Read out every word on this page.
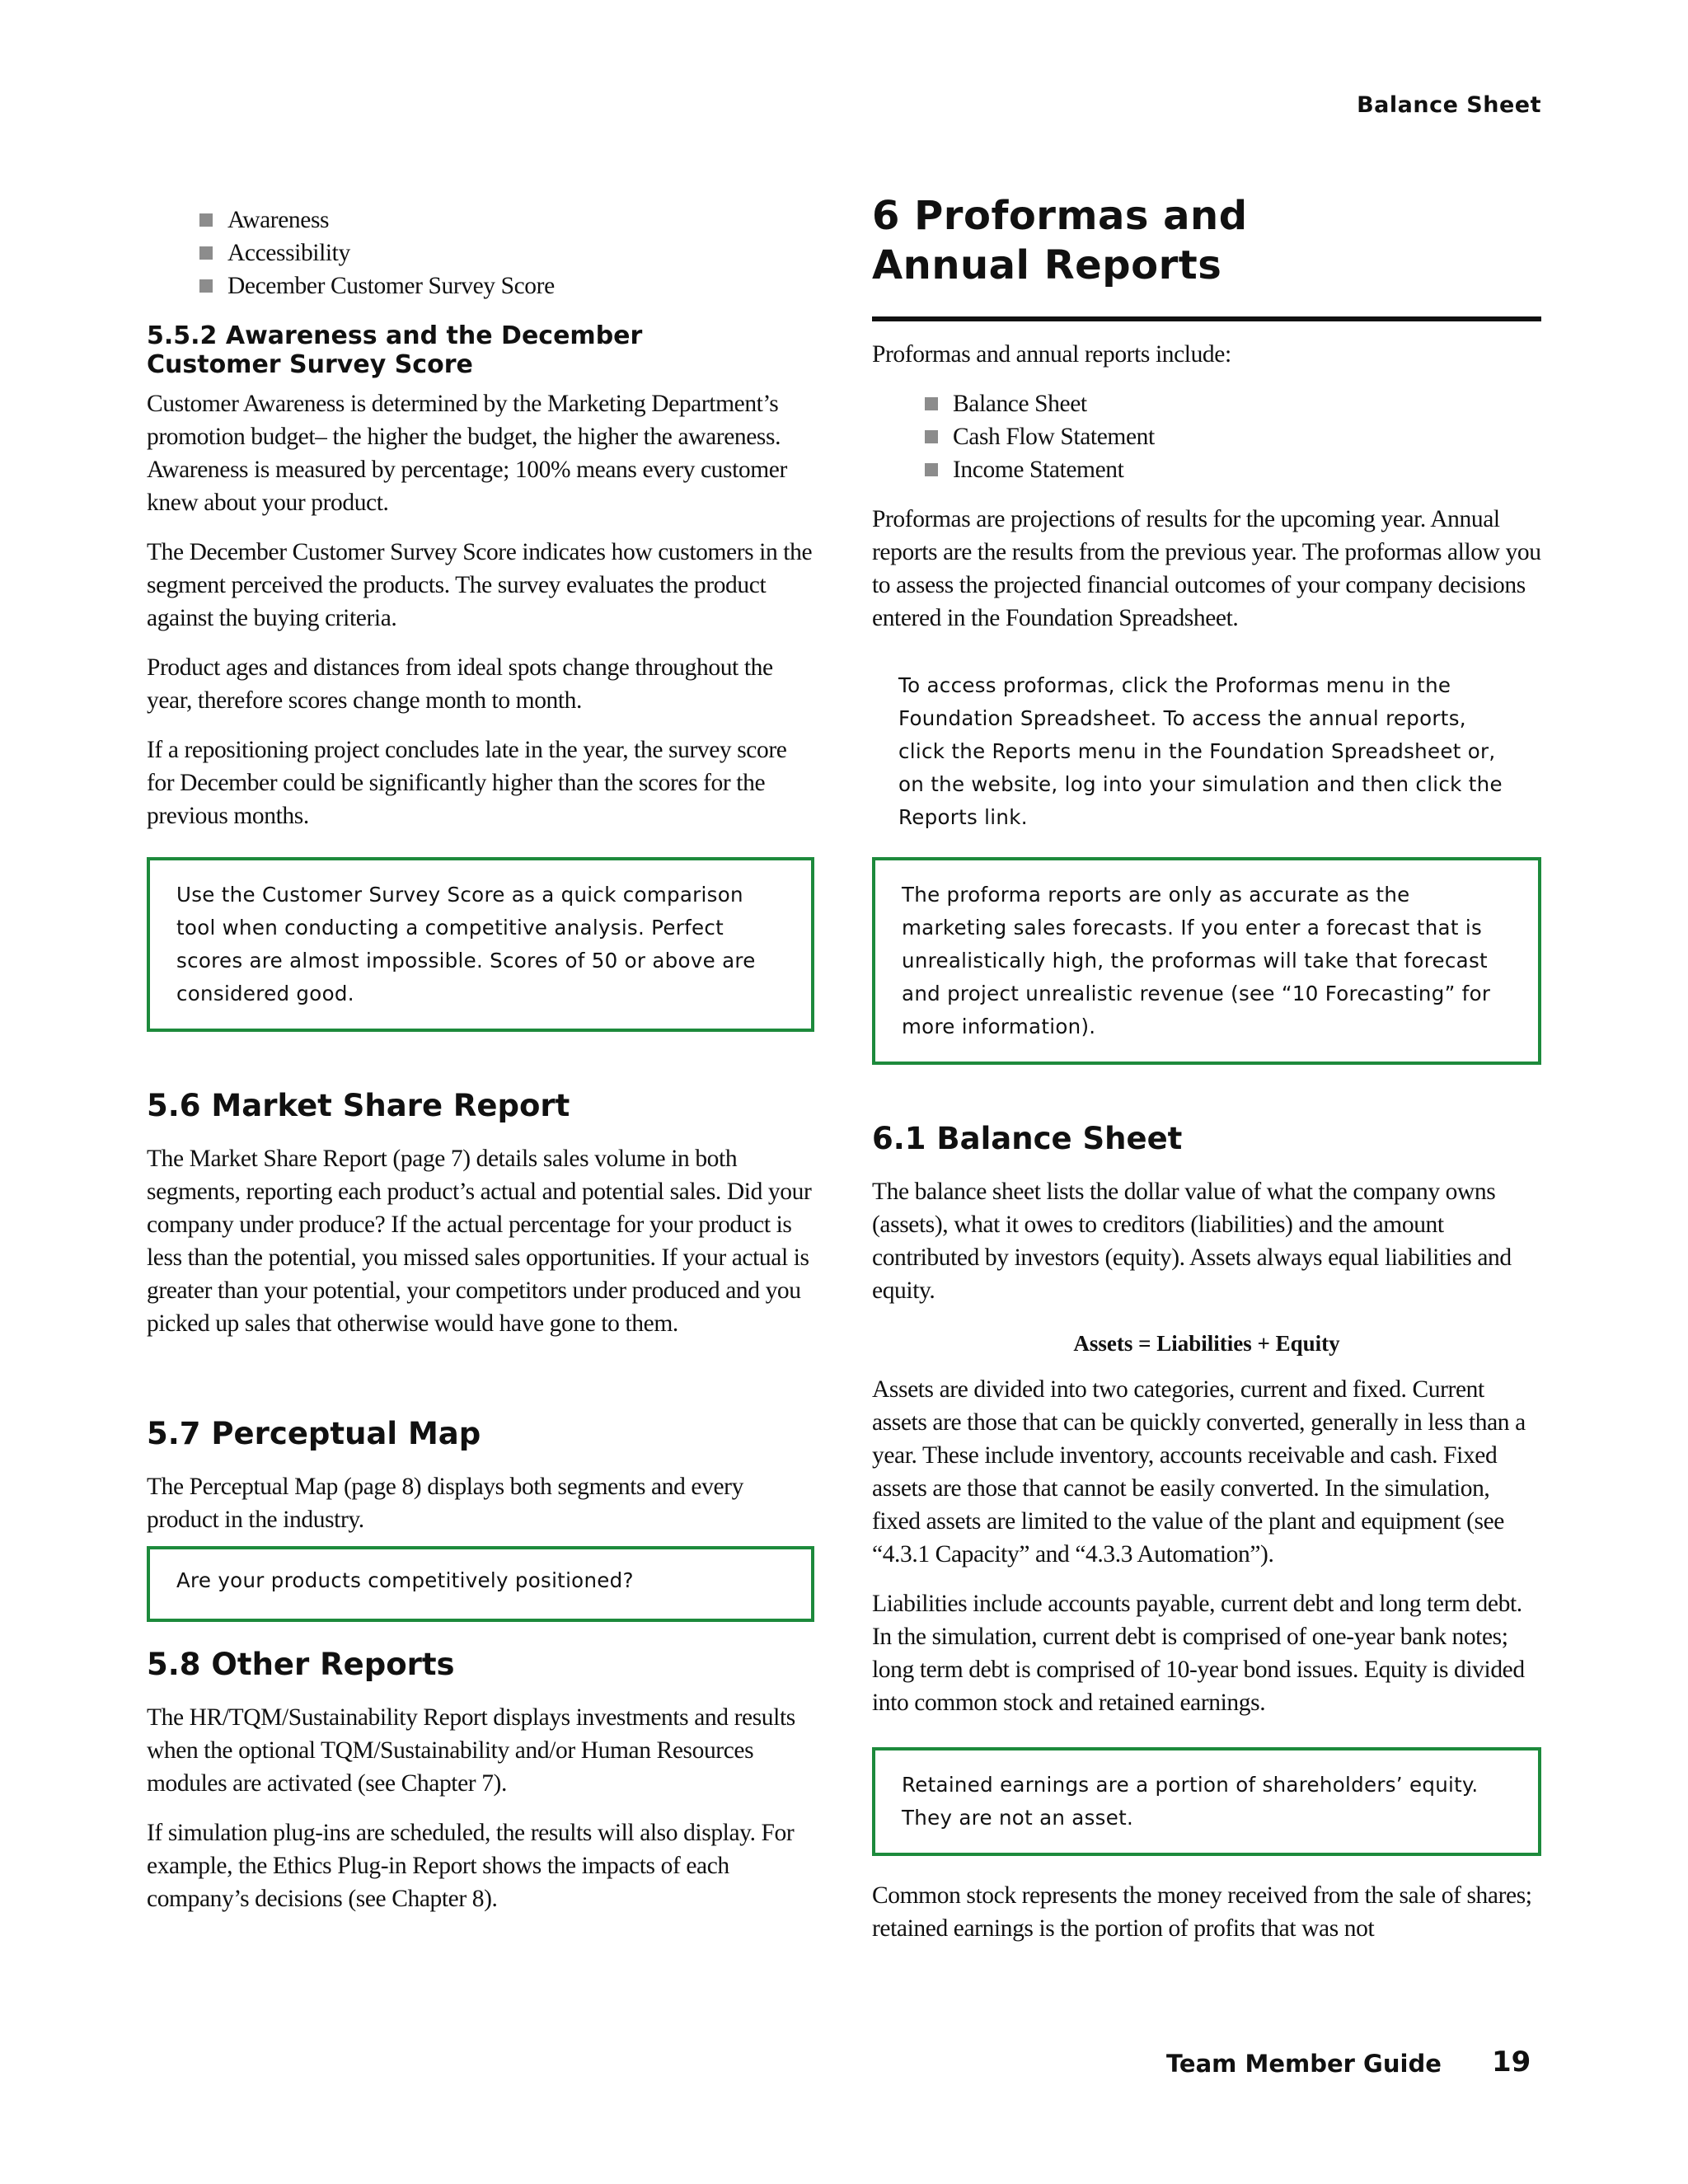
Balance Sheet
Awareness
Accessibility
December Customer Survey Score
5.5.2 Awareness and the December
Customer Survey Score

Customer Awareness is determined by the Marketing Department’s promotion budget– the higher the budget, the higher the awareness. Awareness is measured by percentage; 100% means every customer knew about your product.

The December Customer Survey Score indicates how customers in the segment perceived the products. The survey evaluates the product against the buying criteria.

Product ages and distances from ideal spots change throughout the year, therefore scores change month to month.

If a repositioning project concludes late in the year, the survey score for December could be significantly higher than the scores for the previous months.

Use the Customer Survey Score as a quick comparison tool when conducting a competitive analysis. Perfect scores are almost impossible. Scores of 50 or above are considered good.

5.6 Market Share Report

The Market Share Report (page 7) details sales volume in both segments, reporting each product’s actual and potential sales. Did your company under produce? If the actual percentage for your product is less than the potential, you missed sales opportunities. If your actual is greater than your potential, your competitors under produced and you picked up sales that otherwise would have gone to them.

5.7 Perceptual Map

The Perceptual Map (page 8) displays both segments and every product in the industry.

Are your products competitively positioned?

5.8 Other Reports

The HR/TQM/Sustainability Report displays investments and results when the optional TQM/Sustainability and/or Human Resources modules are activated (see Chapter 7).

If simulation plug-ins are scheduled, the results will also display. For example, the Ethics Plug-in Report shows the impacts of each company’s decisions (see Chapter 8).

6 Proformas and
Annual Reports

Proformas and annual reports include:

Balance Sheet
Cash Flow Statement
Income Statement

Proformas are projections of results for the upcoming year. Annual reports are the results from the previous year. The proformas allow you to assess the projected financial outcomes of your company decisions entered in the Foundation Spreadsheet.

To access proformas, click the Proformas menu in the Foundation Spreadsheet. To access the annual reports, click the Reports menu in the Foundation Spreadsheet or, on the website, log into your simulation and then click the Reports link.

The proforma reports are only as accurate as the marketing sales forecasts. If you enter a forecast that is unrealistically high, the proformas will take that forecast and project unrealistic revenue (see “10 Forecasting” for more information).

6.1 Balance Sheet

The balance sheet lists the dollar value of what the company owns (assets), what it owes to creditors (liabilities) and the amount contributed by investors (equity). Assets always equal liabilities and equity.

Assets = Liabilities + Equity

Assets are divided into two categories, current and fixed. Current assets are those that can be quickly converted, generally in less than a year. These include inventory, accounts receivable and cash. Fixed assets are those that cannot be easily converted. In the simulation, fixed assets are limited to the value of the plant and equipment (see “4.3.1 Capacity” and “4.3.3 Automation”).

Liabilities include accounts payable, current debt and long term debt. In the simulation, current debt is comprised of one-year bank notes; long term debt is comprised of 10-year bond issues. Equity is divided into common stock and retained earnings.

Retained earnings are a portion of shareholders’ equity. They are not an asset.

Common stock represents the money received from the sale of shares; retained earnings is the portion of profits that was not

Team Member Guide 19
